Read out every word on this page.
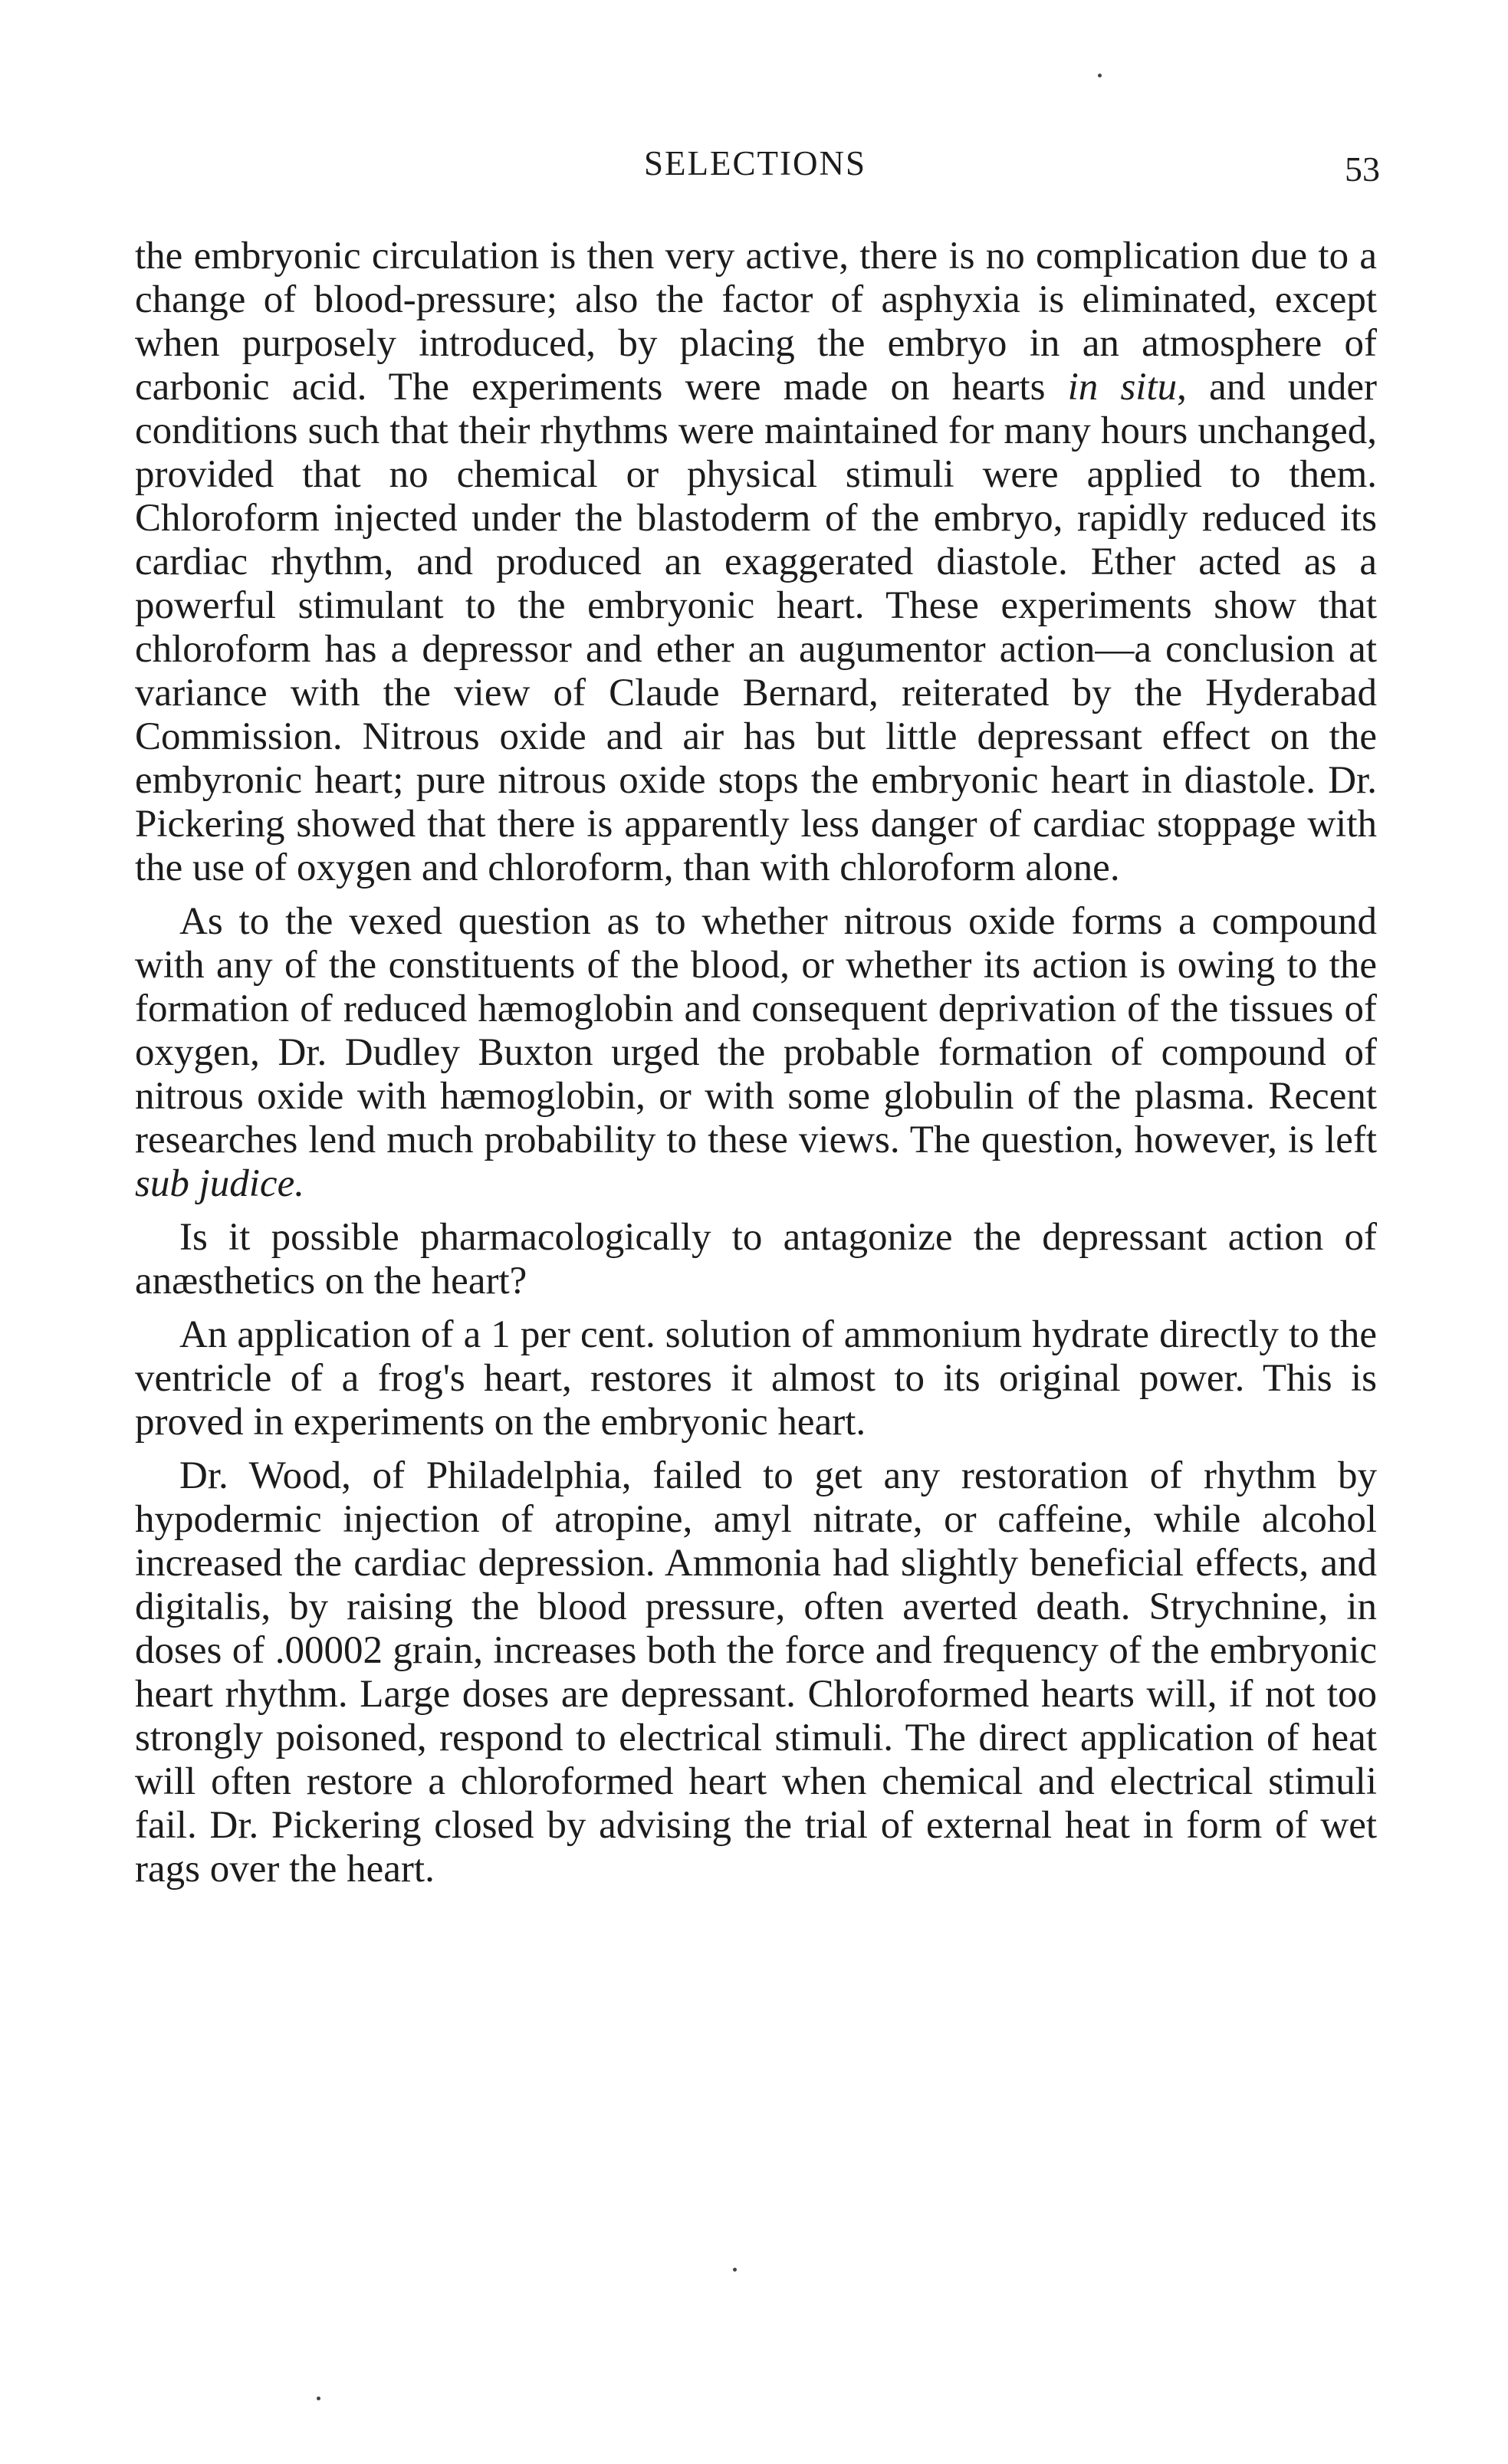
SELECTIONS	53

the embryonic circulation is then very active, there is no complication due to a change of blood-pressure; also the factor of asphyxia is eliminated, except when purposely introduced, by placing the embryo in an atmosphere of carbonic acid. The experiments were made on hearts in situ, and under conditions such that their rhythms were maintained for many hours unchanged, provided that no chemical or physical stimuli were applied to them. Chloroform injected under the blastoderm of the embryo, rapidly reduced its cardiac rhythm, and produced an exaggerated diastole. Ether acted as a powerful stimulant to the embryonic heart. These experiments show that chloroform has a depressor and ether an augumentor action—a conclusion at variance with the view of Claude Bernard, reiterated by the Hyderabad Commission. Nitrous oxide and air has but little depressant effect on the embyronic heart; pure nitrous oxide stops the embryonic heart in diastole. Dr. Pickering showed that there is apparently less danger of cardiac stoppage with the use of oxygen and chloroform, than with chloroform alone.

As to the vexed question as to whether nitrous oxide forms a compound with any of the constituents of the blood, or whether its action is owing to the formation of reduced hæmoglobin and consequent deprivation of the tissues of oxygen, Dr. Dudley Buxton urged the probable formation of compound of nitrous oxide with hæmoglobin, or with some globulin of the plasma. Recent researches lend much probability to these views. The question, however, is left sub judice.

Is it possible pharmacologically to antagonize the depressant action of anæsthetics on the heart?

An application of a 1 per cent. solution of ammonium hydrate directly to the ventricle of a frog's heart, restores it almost to its original power. This is proved in experiments on the embryonic heart.

Dr. Wood, of Philadelphia, failed to get any restoration of rhythm by hypodermic injection of atropine, amyl nitrate, or caffeine, while alcohol increased the cardiac depression. Ammonia had slightly beneficial effects, and digitalis, by raising the blood pressure, often averted death. Strychnine, in doses of .00002 grain, increases both the force and frequency of the embryonic heart rhythm. Large doses are depressant. Chloroformed hearts will, if not too strongly poisoned, respond to electrical stimuli. The direct application of heat will often restore a chloroformed heart when chemical and electrical stimuli fail. Dr. Pickering closed by advising the trial of external heat in form of wet rags over the heart.
